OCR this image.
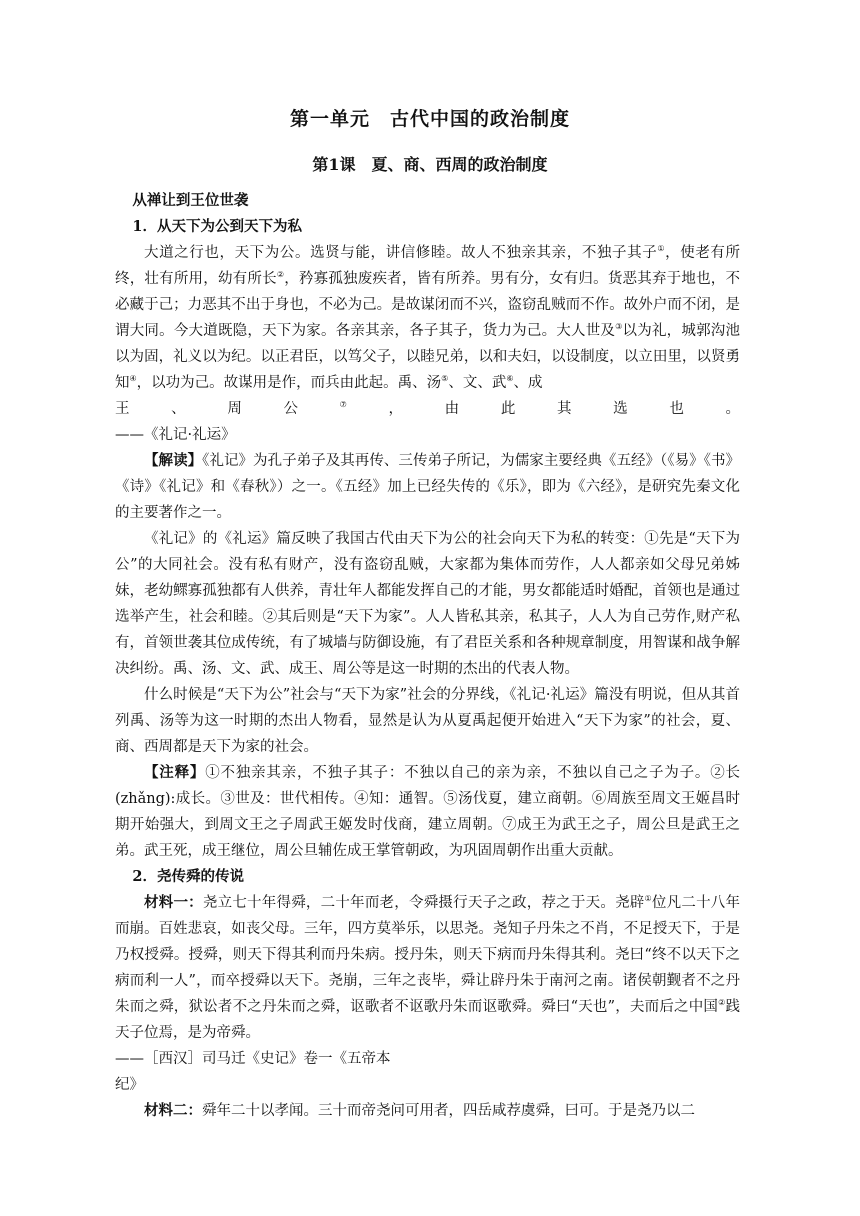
第一单元　古代中国的政治制度
第1课　夏、商、西周的政治制度

从禅让到王位世袭

1．从天下为公到天下为私

大道之行也，天下为公。选贤与能，讲信修睦。故人不独亲其亲，不独子其子①，使老有所终，壮有所用，幼有所长②，矜寡孤独废疾者，皆有所养。男有分，女有归。货恶其弃于地也，不必藏于己；力恶其不出于身也，不必为己。是故谋闭而不兴，盗窃乱贼而不作。故外户而不闭，是谓大同。今大道既隐，天下为家。各亲其亲，各子其子，货力为己。大人世及③以为礼，城郭沟池以为固，礼义以为纪。以正君臣，以笃父子，以睦兄弟，以和夫妇，以设制度，以立田里，以贤勇知④，以功为己。故谋用是作，而兵由此起。禹、汤⑤、文、武⑥、成

王、周公⑦，由此其选也。

——《礼记·礼运》

【解读】《礼记》为孔子弟子及其再传、三传弟子所记，为儒家主要经典《五经》（《易》《书》《诗》《礼记》和《春秋》）之一。《五经》加上已经失传的《乐》，即为《六经》，是研究先秦文化的主要著作之一。

《礼记》的《礼运》篇反映了我国古代由天下为公的社会向天下为私的转变：①先是“天下为公”的大同社会。没有私有财产，没有盗窃乱贼，大家都为集体而劳作，人人都亲如父母兄弟姊妹，老幼鳏寡孤独都有人供养，青壮年人都能发挥自己的才能，男女都能适时婚配，首领也是通过选举产生，社会和睦。②其后则是“天下为家”。人人皆私其亲，私其子，人人为自己劳作,财产私有，首领世袭其位成传统，有了城墙与防御设施，有了君臣关系和各种规章制度，用智谋和战争解决纠纷。禹、汤、文、武、成王、周公等是这一时期的杰出的代表人物。

什么时候是“天下为公”社会与“天下为家”社会的分界线，《礼记·礼运》篇没有明说，但从其首列禹、汤等为这一时期的杰出人物看，显然是认为从夏禹起便开始进入“天下为家”的社会，夏、商、西周都是天下为家的社会。

【注释】①不独亲其亲，不独子其子：不独以自己的亲为亲，不独以自己之子为子。②长(zhǎng):成长。③世及：世代相传。④知：通智。⑤汤伐夏，建立商朝。⑥周族至周文王姬昌时期开始强大，到周文王之子周武王姬发时伐商，建立周朝。⑦成王为武王之子，周公旦是武王之弟。武王死，成王继位，周公旦辅佐成王掌管朝政，为巩固周朝作出重大贡献。

2．尧传舜的传说

材料一：尧立七十年得舜，二十年而老，令舜摄行天子之政，荐之于天。尧辟①位凡二十八年而崩。百姓悲哀，如丧父母。三年，四方莫举乐，以思尧。尧知子丹朱之不肖，不足授天下，于是乃权授舜。授舜，则天下得其利而丹朱病。授丹朱，则天下病而丹朱得其利。尧曰“终不以天下之病而利一人”，而卒授舜以天下。尧崩，三年之丧毕，舜让辟丹朱于南河之南。诸侯朝觐者不之丹朱而之舜，狱讼者不之丹朱而之舜，讴歌者不讴歌丹朱而讴歌舜。舜曰“天也”，夫而后之中国②践天子位焉，是为帝舜。

——［西汉］司马迁《史记》卷一《五帝本

纪》

材料二：舜年二十以孝闻。三十而帝尧问可用者，四岳咸荐虞舜，曰可。于是尧乃以二
